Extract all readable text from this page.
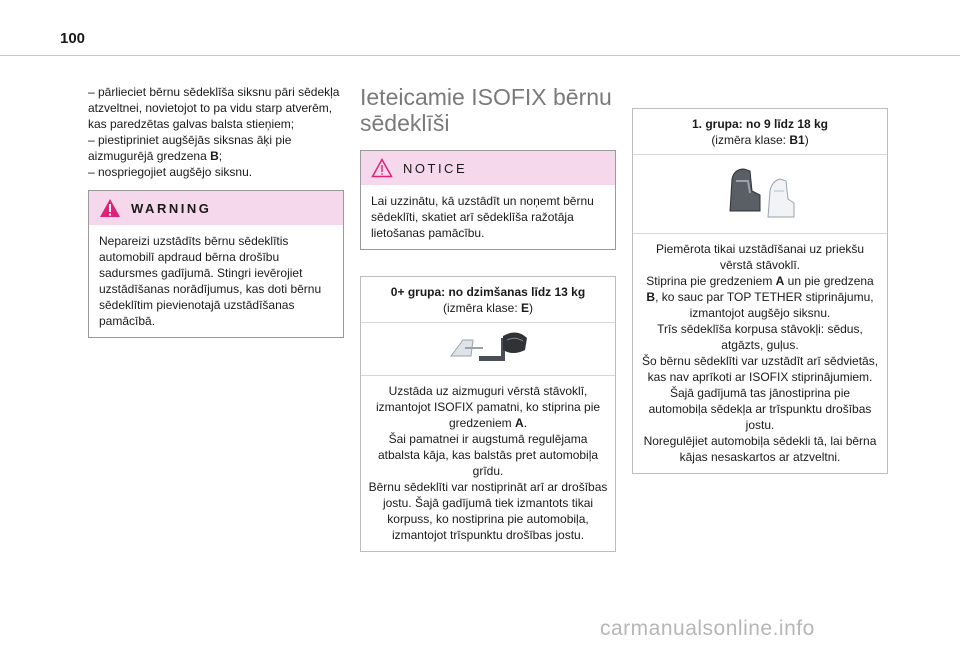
100

– pārlieciet bērnu sēdeklīša siksnu pāri sēdekļa atzveltnei, novietojot to pa vidu starp atverēm, kas paredzētas galvas balsta stieņiem;

– piestipriniet augšējās siksnas āķi pie aizmugurējā gredzena B;

– nospriegojiet augšējo siksnu.

WARNING
Nepareizi uzstādīts bērnu sēdeklītis automobilī apdraud bērna drošību sadursmes gadījumā. Stingri ievērojiet uzstādīšanas norādījumus, kas doti bērnu sēdeklītim pievienotajā uzstādīšanas pamācībā.
Ieteicamie ISOFIX bērnu sēdeklīši
NOTICE
Lai uzzinātu, kā uzstādīt un noņemt bērnu sēdeklīti, skatiet arī sēdeklīša ražotāja lietošanas pamācību.
0+ grupa: no dzimšanas līdz 13 kg
(izmēra klase: E)

Uzstāda uz aizmuguri vērstā stāvoklī, izmantojot ISOFIX pamatni, ko stiprina pie gredzeniem A.

Šai pamatnei ir augstumā regulējama atbalsta kāja, kas balstās pret automobiļa grīdu.

Bērnu sēdeklīti var nostiprināt arī ar drošības jostu. Šajā gadījumā tiek izmantots tikai korpuss, ko nostiprina pie automobiļa, izmantojot trīspunktu drošības jostu.

1. grupa: no 9 līdz 18 kg
(izmēra klase: B1)

Piemērota tikai uzstādīšanai uz priekšu vērstā stāvoklī.

Stiprina pie gredzeniem A un pie gredzena B, ko sauc par TOP TETHER stiprinājumu, izmantojot augšējo siksnu.

Trīs sēdeklīša korpusa stāvokļi: sēdus, atgāzts, guļus.

Šo bērnu sēdeklīti var uzstādīt arī sēdvietās, kas nav aprīkoti ar ISOFIX stiprinājumiem.

Šajā gadījumā tas jānostiprina pie automobiļa sēdekļa ar trīspunktu drošības jostu.

Noregulējiet automobiļa sēdekli tā, lai bērna kājas nesaskartos ar atzveltni.

carmanualsonline.info
